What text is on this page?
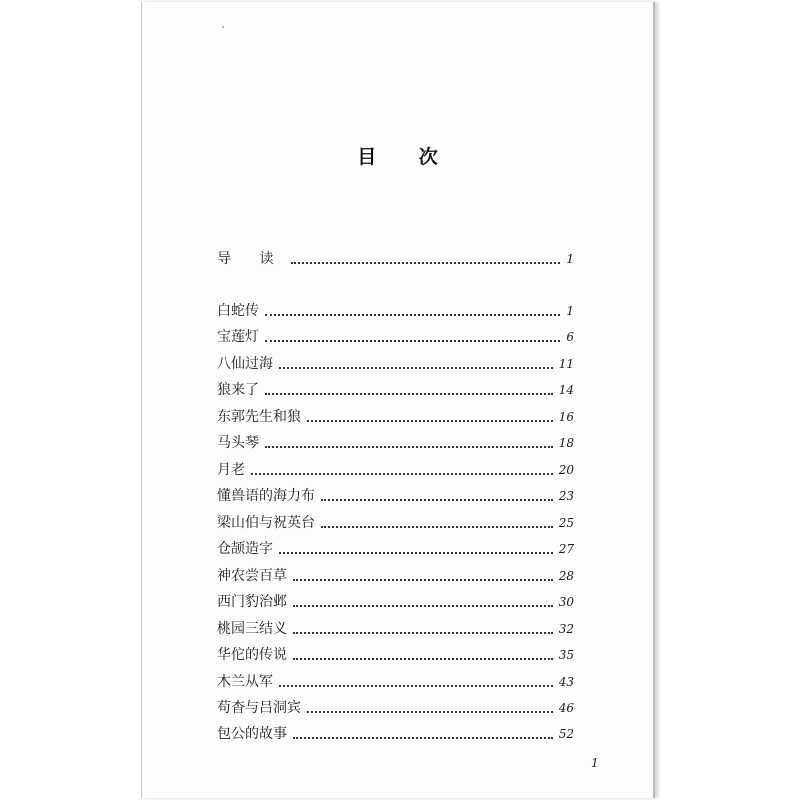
目 次
导 读	1
白蛇传	1
宝莲灯	6
八仙过海	11
狼来了	14
东郭先生和狼	16
马头琴	18
月老	20
懂兽语的海力布	23
梁山伯与祝英台	25
仓颉造字	27
神农尝百草	28
西门豹治邺	30
桃园三结义	32
华佗的传说	35
木兰从军	43
苟杳与吕洞宾	46
包公的故事	52
1
